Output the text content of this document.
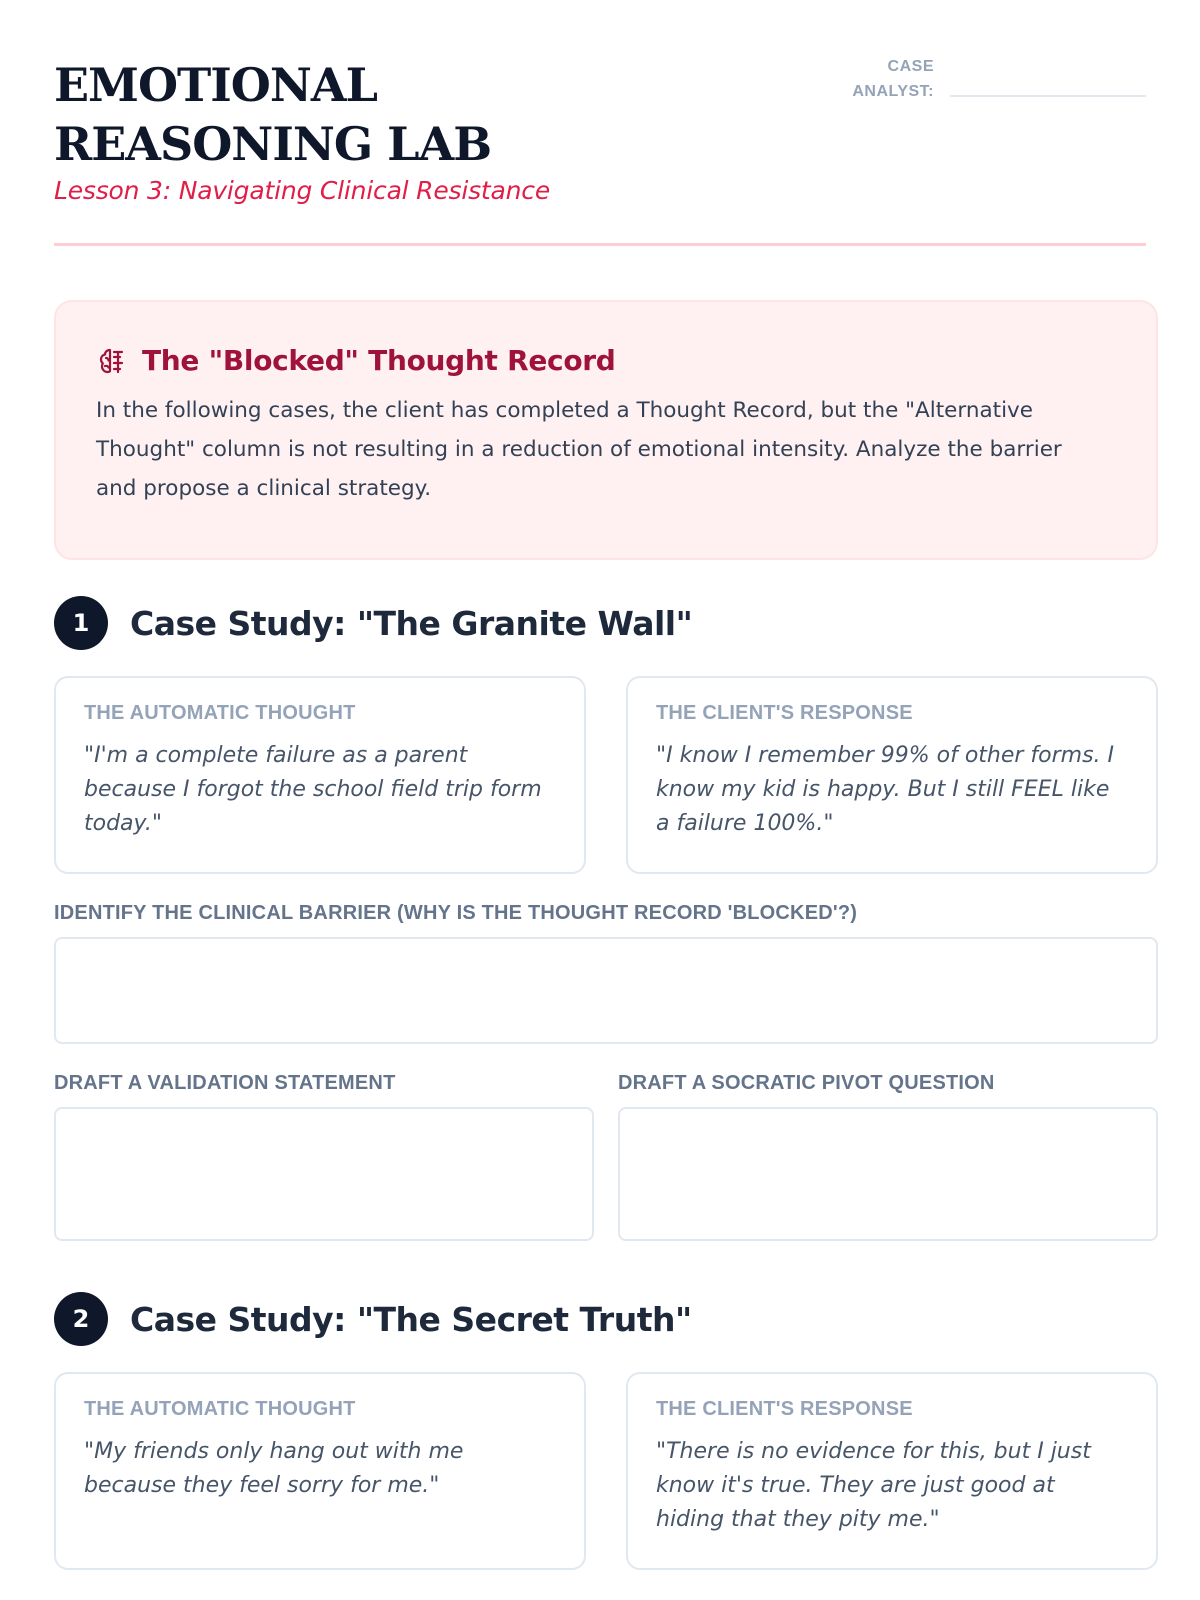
EMOTIONAL REASONING LAB
Lesson 3: Navigating Clinical Resistance
CASE ANALYST:
The "Blocked" Thought Record
In the following cases, the client has completed a Thought Record, but the "Alternative Thought" column is not resulting in a reduction of emotional intensity. Analyze the barrier and propose a clinical strategy.
1	Case Study: "The Granite Wall"
THE AUTOMATIC THOUGHT
"I'm a complete failure as a parent because I forgot the school field trip form today."
THE CLIENT'S RESPONSE
"I know I remember 99% of other forms. I know my kid is happy. But I still FEEL like a failure 100%."
IDENTIFY THE CLINICAL BARRIER (WHY IS THE THOUGHT RECORD 'BLOCKED'?)
DRAFT A VALIDATION STATEMENT	DRAFT A SOCRATIC PIVOT QUESTION
2	Case Study: "The Secret Truth"
THE AUTOMATIC THOUGHT
"My friends only hang out with me because they feel sorry for me."
THE CLIENT'S RESPONSE
"There is no evidence for this, but I just know it's true. They are just good at hiding that they pity me."
